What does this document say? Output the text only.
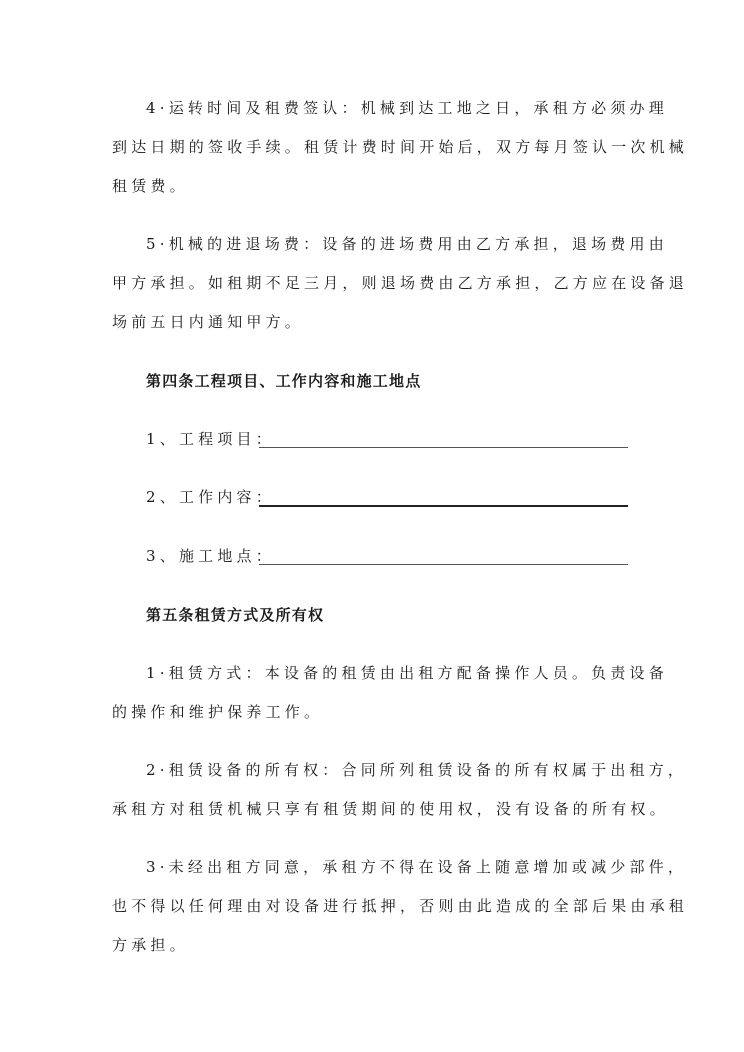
4·运转时间及租费签认：机械到达工地之日，承租方必须办理
到达日期的签收手续。租赁计费时间开始后，双方每月签认一次机械
租赁费。
5·机械的进退场费：设备的进场费用由乙方承担，退场费用由
甲方承担。如租期不足三月，则退场费由乙方承担，乙方应在设备退
场前五日内通知甲方。
第四条工程项目、工作内容和施工地点
1、工程项目：
2、工作内容：
3、施工地点：
第五条租赁方式及所有权
1·租赁方式：本设备的租赁由出租方配备操作人员。负责设备
的操作和维护保养工作。
2·租赁设备的所有权：合同所列租赁设备的所有权属于出租方，
承租方对租赁机械只享有租赁期间的使用权，没有设备的所有权。
3·未经出租方同意，承租方不得在设备上随意增加或减少部件，
也不得以任何理由对设备进行抵押，否则由此造成的全部后果由承租
方承担。
